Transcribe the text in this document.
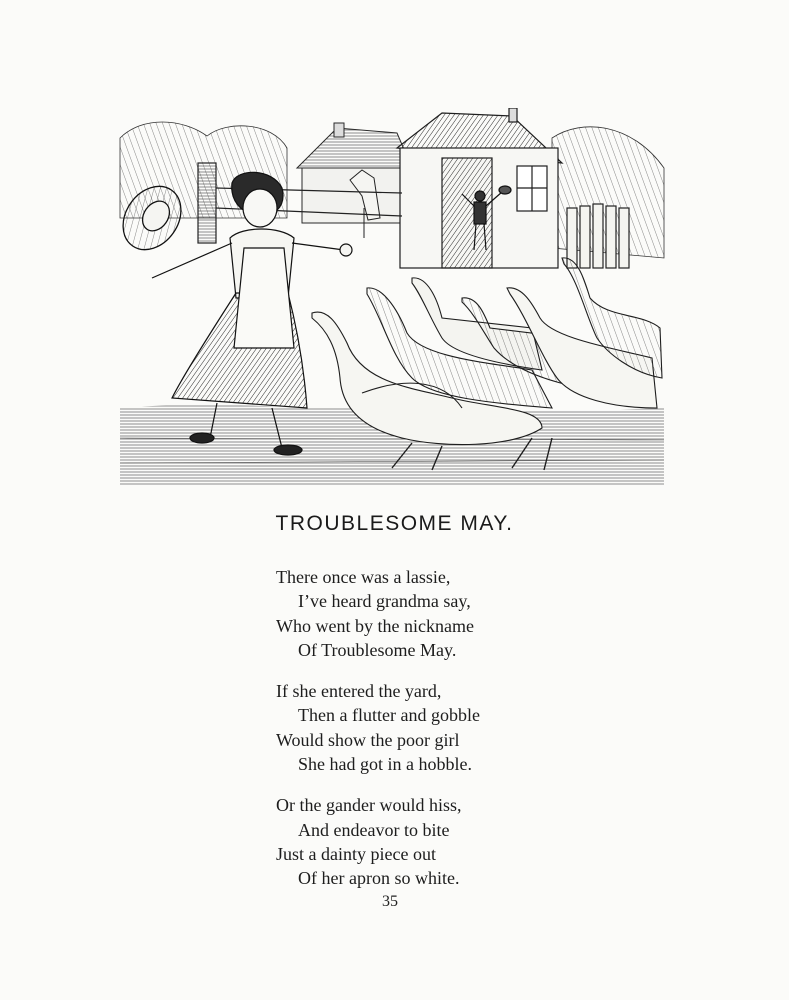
TROUBLESOME MAY.
There once was a lassie,
I’ve heard grandma say,
Who went by the nickname
Of Troublesome May.
If she entered the yard,
Then a flutter and gobble
Would show the poor girl
She had got in a hobble.
Or the gander would hiss,
And endeavor to bite
Just a dainty piece out
Of her apron so white.
35
